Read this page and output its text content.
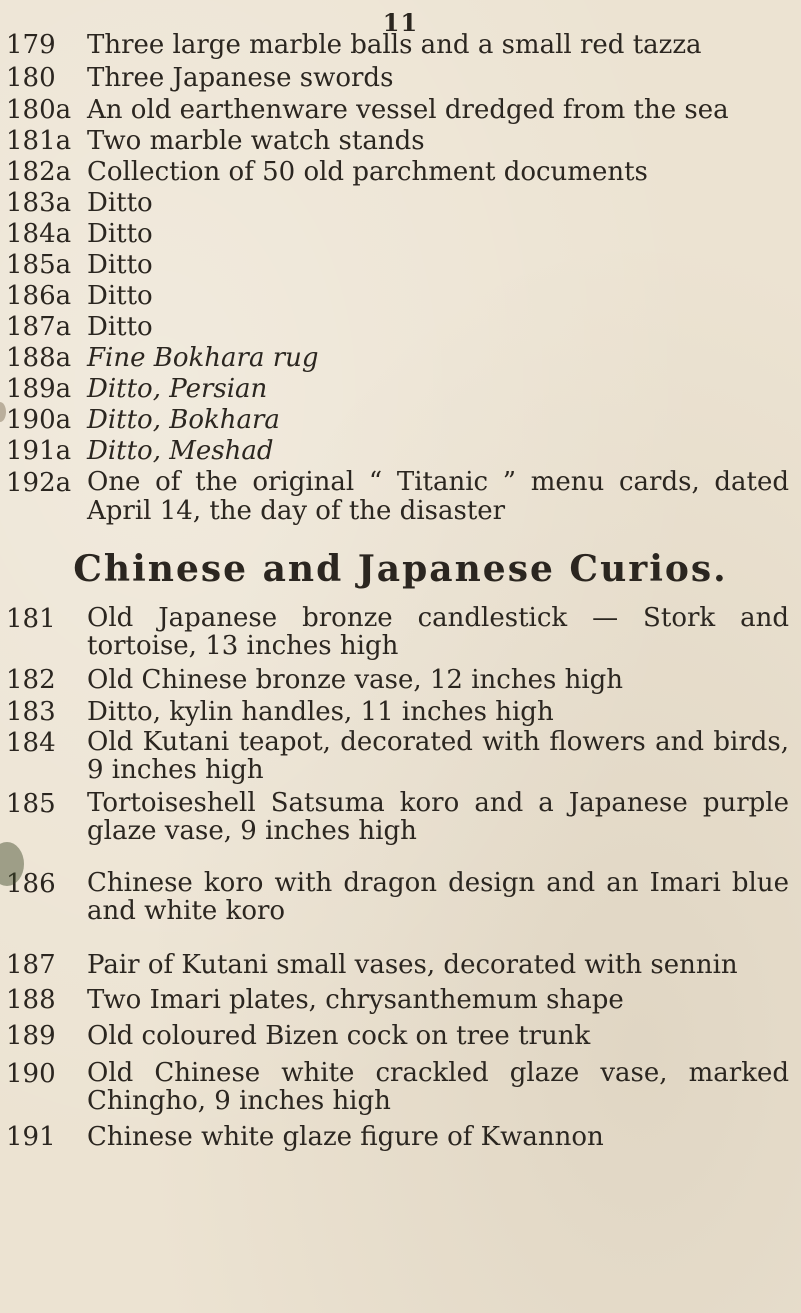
11
179	Three large marble balls and a small red tazza
180	Three Japanese swords
180a An old earthenware vessel dredged from the sea
181a Two marble watch stands
182a Collection of 50 old parchment documents
183a Ditto
184a Ditto
185a Ditto
186a Ditto
187a Ditto
188a Fine Bokhara rug
189a Ditto, Persian
190a Ditto, Bokhara
191a Ditto, Meshad
192a One of the original “ Titanic ” menu cards, dated April 14, the day of the disaster
Chinese and Japanese Curios.
181	Old Japanese bronze candlestick — Stork and tortoise, 13 inches high
182	Old Chinese bronze vase, 12 inches high
183	Ditto, kylin handles, 11 inches high
184	Old Kutani teapot, decorated with flowers and birds, 9 inches high
185	Tortoiseshell Satsuma koro and a Japanese purple glaze vase, 9 inches high
186	Chinese koro with dragon design and an Imari blue and white koro
187	Pair of Kutani small vases, decorated with sennin
188	Two Imari plates, chrysanthemum shape
189	Old coloured Bizen cock on tree trunk
190	Old Chinese white crackled glaze vase, marked Chingho, 9 inches high
191	Chinese white glaze figure of Kwannon
